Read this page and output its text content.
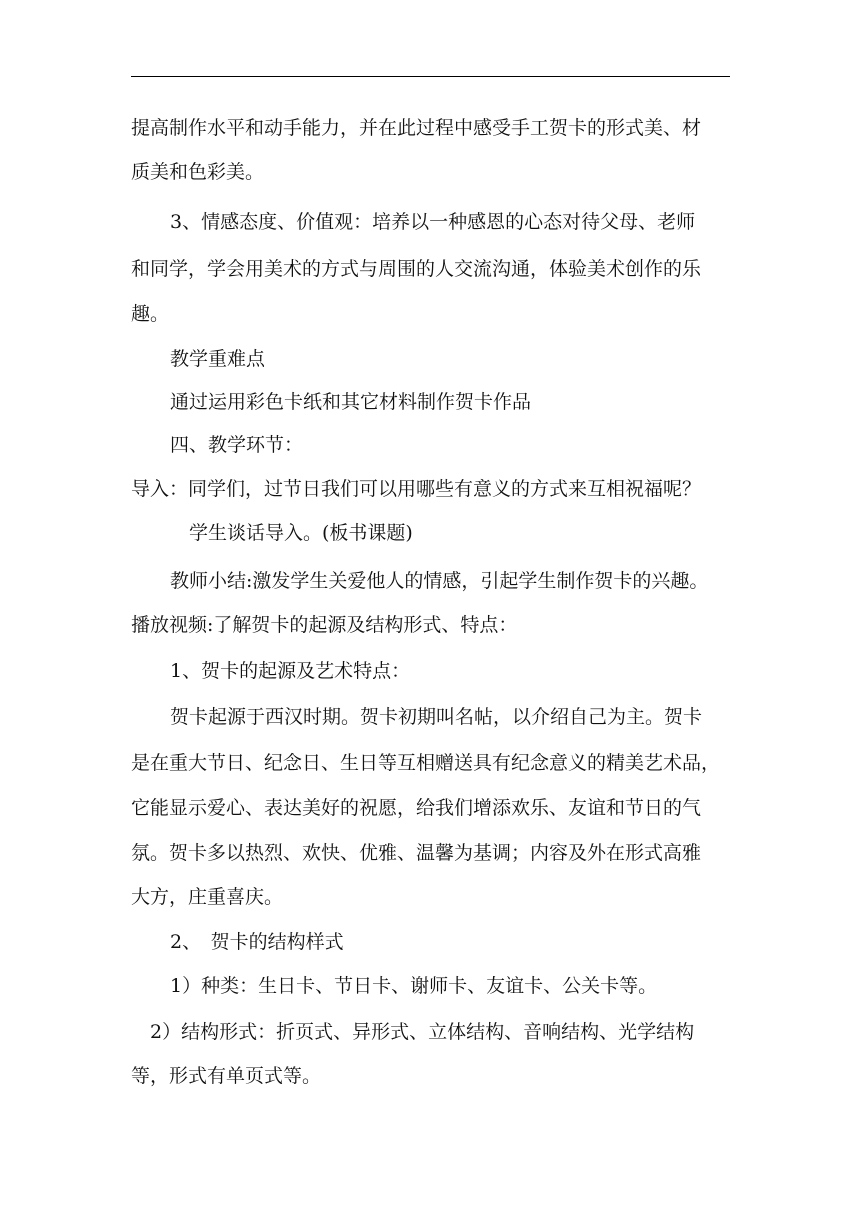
提高制作水平和动手能力，并在此过程中感受手工贺卡的形式美、材
质美和色彩美。
3、情感态度、价值观：培养以一种感恩的心态对待父母、老师
和同学，学会用美术的方式与周围的人交流沟通，体验美术创作的乐
趣。
教学重难点
通过运用彩色卡纸和其它材料制作贺卡作品
四、教学环节：
导入：同学们，过节日我们可以用哪些有意义的方式来互相祝福呢？
学生谈话导入。(板书课题)
教师小结:激发学生关爱他人的情感，引起学生制作贺卡的兴趣。
播放视频:了解贺卡的起源及结构形式、特点：
1、贺卡的起源及艺术特点：
贺卡起源于西汉时期。贺卡初期叫名帖，以介绍自己为主。贺卡
是在重大节日、纪念日、生日等互相赠送具有纪念意义的精美艺术品，
它能显示爱心、表达美好的祝愿，给我们增添欢乐、友谊和节日的气
氛。贺卡多以热烈、欢快、优雅、温馨为基调；内容及外在形式高雅
大方，庄重喜庆。
2、　贺卡的结构样式
1）种类：生日卡、节日卡、谢师卡、友谊卡、公关卡等。
2）结构形式：折页式、异形式、立体结构、音响结构、光学结构
等，形式有单页式等。
